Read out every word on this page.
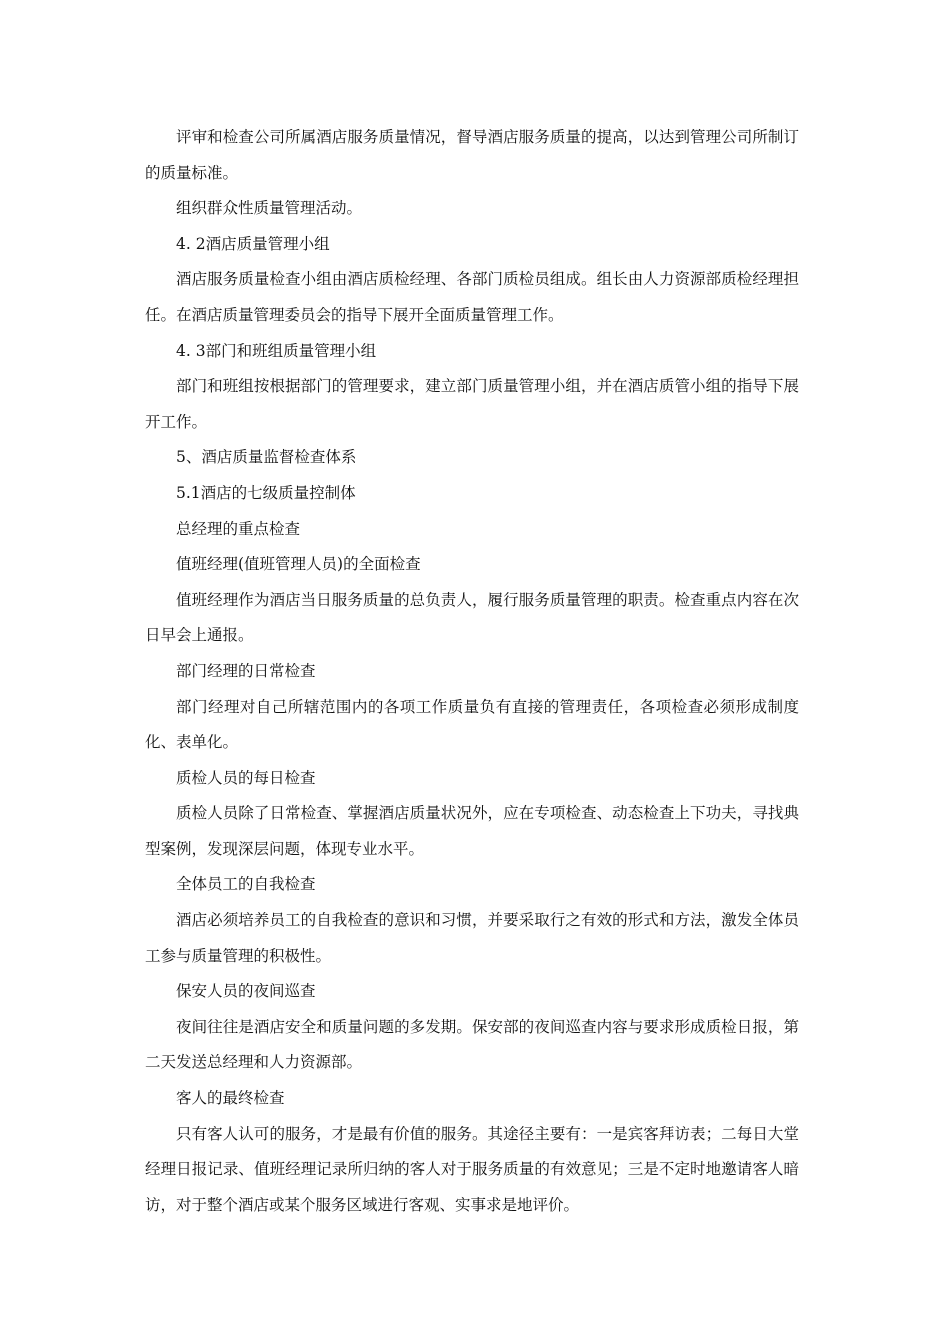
评审和检查公司所属酒店服务质量情况，督导酒店服务质量的提高，以达到管理公司所制订的质量标准。

组织群众性质量管理活动。

4. 2酒店质量管理小组

酒店服务质量检查小组由酒店质检经理、各部门质检员组成。组长由人力资源部质检经理担任。在酒店质量管理委员会的指导下展开全面质量管理工作。

4. 3部门和班组质量管理小组

部门和班组按根据部门的管理要求，建立部门质量管理小组，并在酒店质管小组的指导下展开工作。

5、酒店质量监督检查体系

5.1酒店的七级质量控制体

总经理的重点检查

值班经理(值班管理人员)的全面检查

值班经理作为酒店当日服务质量的总负责人，履行服务质量管理的职责。检查重点内容在次日早会上通报。

部门经理的日常检查

部门经理对自己所辖范围内的各项工作质量负有直接的管理责任，各项检查必须形成制度化、表单化。

质检人员的每日检查

质检人员除了日常检查、掌握酒店质量状况外，应在专项检查、动态检查上下功夫，寻找典型案例，发现深层问题，体现专业水平。

全体员工的自我检查

酒店必须培养员工的自我检查的意识和习惯，并要采取行之有效的形式和方法，激发全体员工参与质量管理的积极性。

保安人员的夜间巡查

夜间往往是酒店安全和质量问题的多发期。保安部的夜间巡查内容与要求形成质检日报，第二天发送总经理和人力资源部。

客人的最终检查

只有客人认可的服务，才是最有价值的服务。其途径主要有：一是宾客拜访表；二每日大堂经理日报记录、值班经理记录所归纳的客人对于服务质量的有效意见；三是不定时地邀请客人暗访，对于整个酒店或某个服务区域进行客观、实事求是地评价。
